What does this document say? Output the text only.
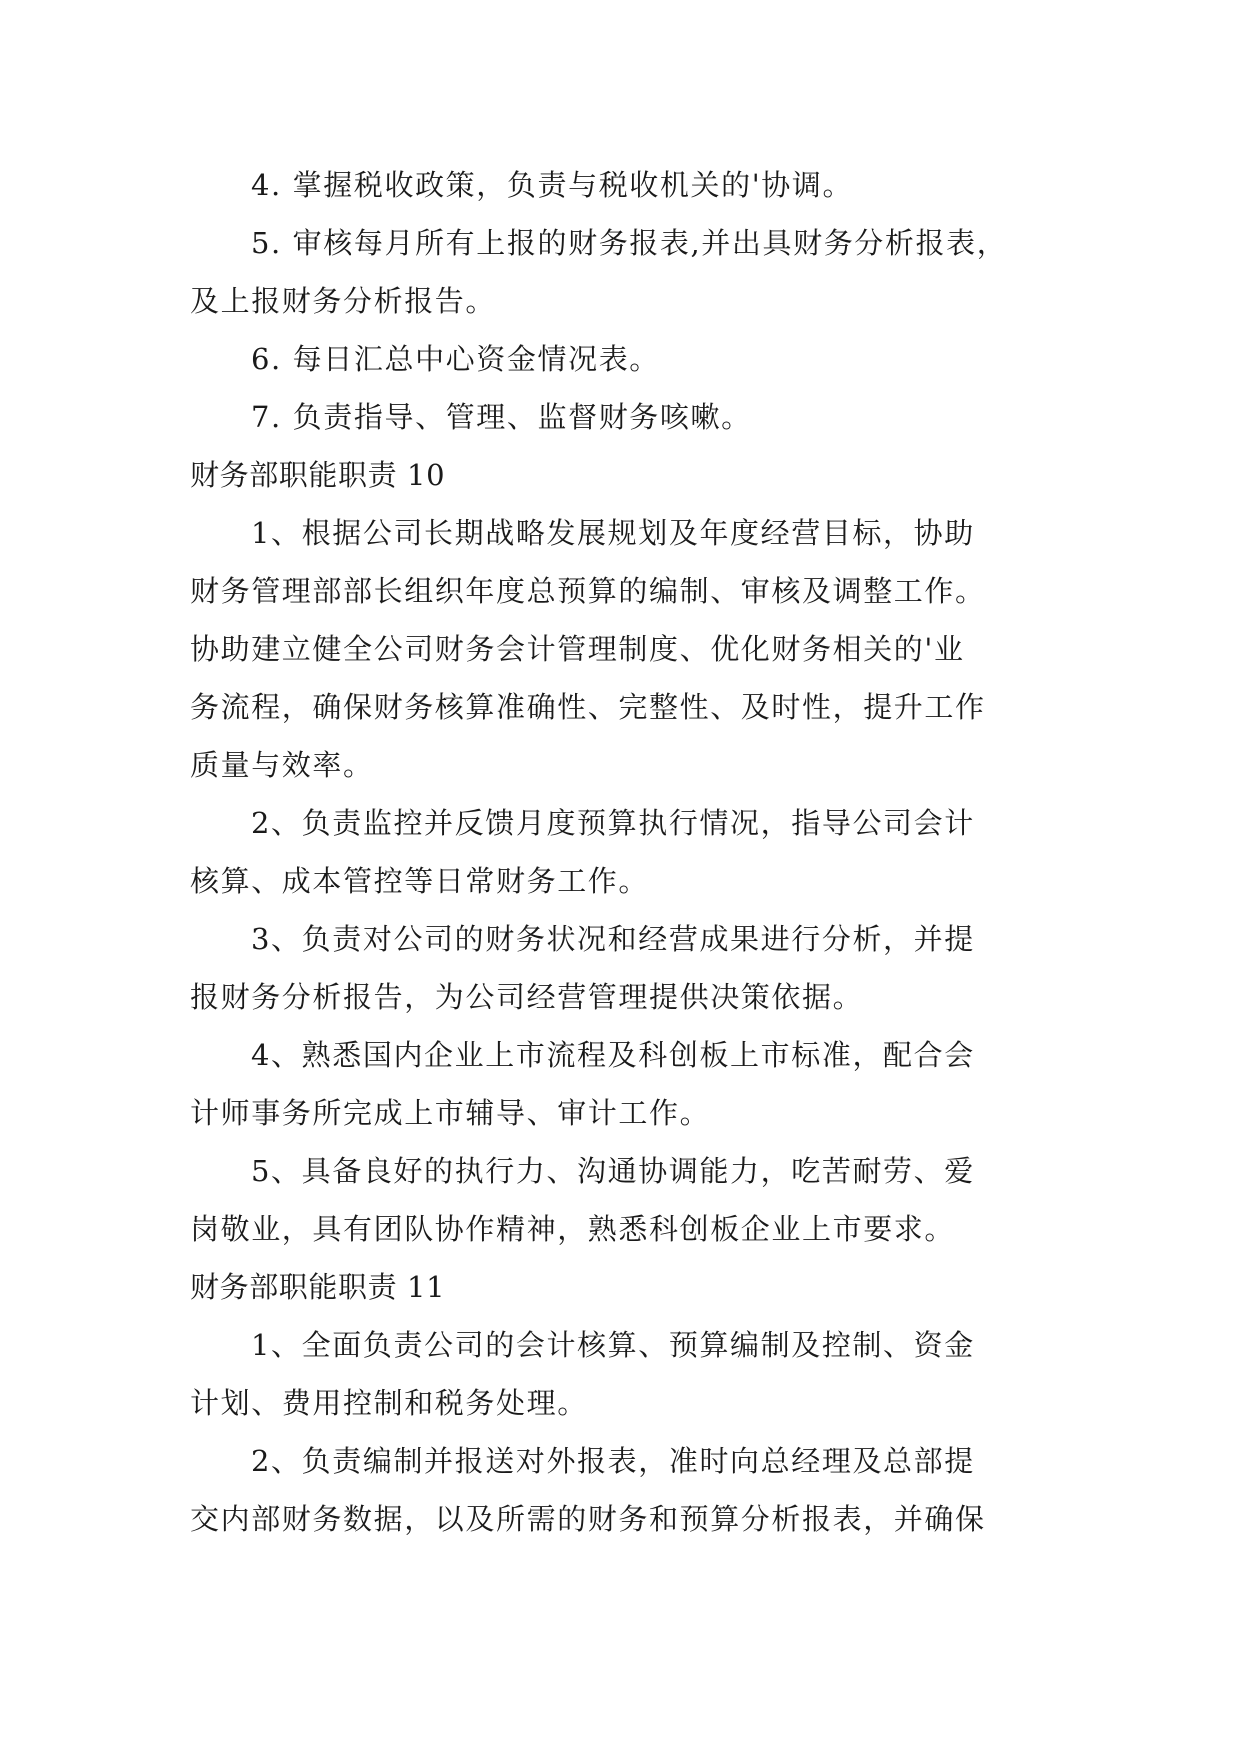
4. 掌握税收政策，负责与税收机关的'协调。
5. 审核每月所有上报的财务报表,并出具财务分析报表，
及上报财务分析报告。
6. 每日汇总中心资金情况表。
7. 负责指导、管理、监督财务咳嗽。
财务部职能职责 10
1、根据公司长期战略发展规划及年度经营目标，协助
财务管理部部长组织年度总预算的编制、审核及调整工作。
协助建立健全公司财务会计管理制度、优化财务相关的'业
务流程，确保财务核算准确性、完整性、及时性，提升工作
质量与效率。
2、负责监控并反馈月度预算执行情况，指导公司会计
核算、成本管控等日常财务工作。
3、负责对公司的财务状况和经营成果进行分析，并提
报财务分析报告，为公司经营管理提供决策依据。
4、熟悉国内企业上市流程及科创板上市标准，配合会
计师事务所完成上市辅导、审计工作。
5、具备良好的执行力、沟通协调能力，吃苦耐劳、爱
岗敬业，具有团队协作精神，熟悉科创板企业上市要求。
财务部职能职责 11
1、全面负责公司的会计核算、预算编制及控制、资金
计划、费用控制和税务处理。
2、负责编制并报送对外报表，准时向总经理及总部提
交内部财务数据，以及所需的财务和预算分析报表，并确保
